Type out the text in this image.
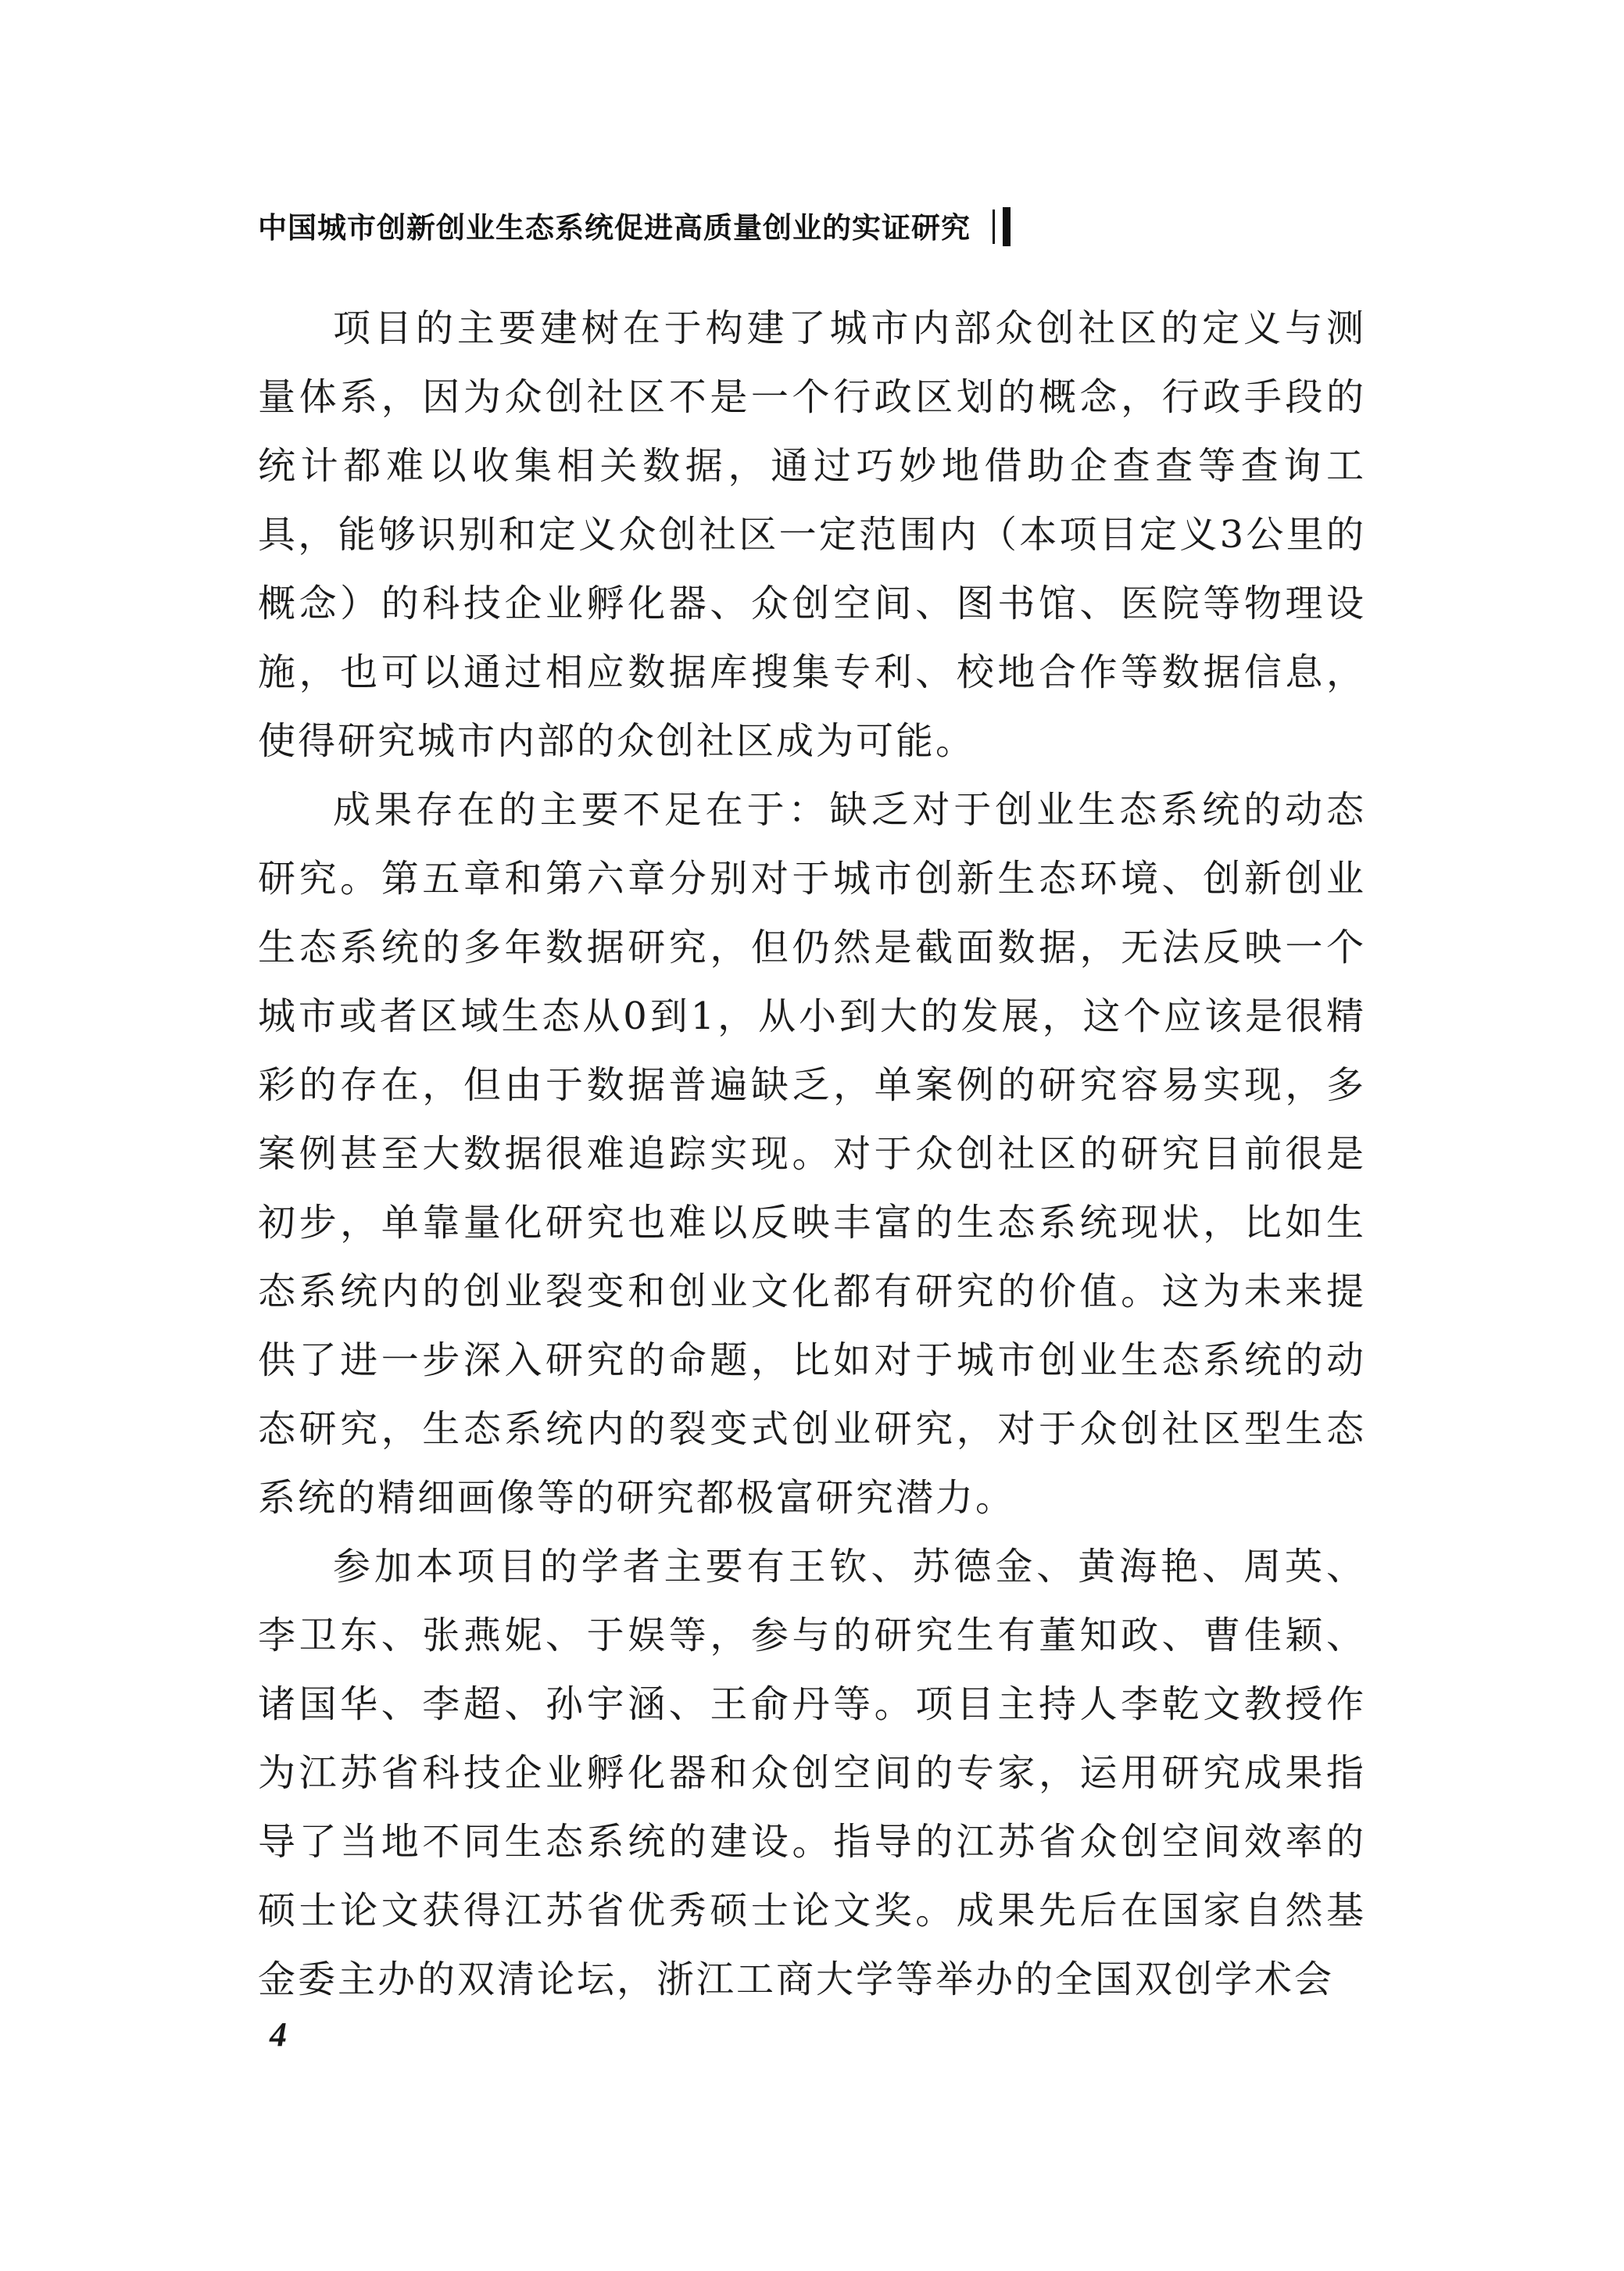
中国城市创新创业生态系统促进高质量创业的实证研究

项目的主要建树在于构建了城市内部众创社区的定义与测量体系，因为众创社区不是一个行政区划的概念，行政手段的统计都难以收集相关数据，通过巧妙地借助企查查等查询工具，能够识别和定义众创社区一定范围内（本项目定义3公里的概念）的科技企业孵化器、众创空间、图书馆、医院等物理设施，也可以通过相应数据库搜集专利、校地合作等数据信息，使得研究城市内部的众创社区成为可能。

成果存在的主要不足在于：缺乏对于创业生态系统的动态研究。第五章和第六章分别对于城市创新生态环境、创新创业生态系统的多年数据研究，但仍然是截面数据，无法反映一个城市或者区域生态从0到1，从小到大的发展，这个应该是很精彩的存在，但由于数据普遍缺乏，单案例的研究容易实现，多案例甚至大数据很难追踪实现。对于众创社区的研究目前很是初步，单靠量化研究也难以反映丰富的生态系统现状，比如生态系统内的创业裂变和创业文化都有研究的价值。这为未来提供了进一步深入研究的命题，比如对于城市创业生态系统的动态研究，生态系统内的裂变式创业研究，对于众创社区型生态系统的精细画像等的研究都极富研究潜力。

参加本项目的学者主要有王钦、苏德金、黄海艳、周英、李卫东、张燕妮、于娱等，参与的研究生有董知政、曹佳颖、诸国华、李超、孙宇涵、王俞丹等。项目主持人李乾文教授作为江苏省科技企业孵化器和众创空间的专家，运用研究成果指导了当地不同生态系统的建设。指导的江苏省众创空间效率的硕士论文获得江苏省优秀硕士论文奖。成果先后在国家自然基金委主办的双清论坛，浙江工商大学等举办的全国双创学术会

4
